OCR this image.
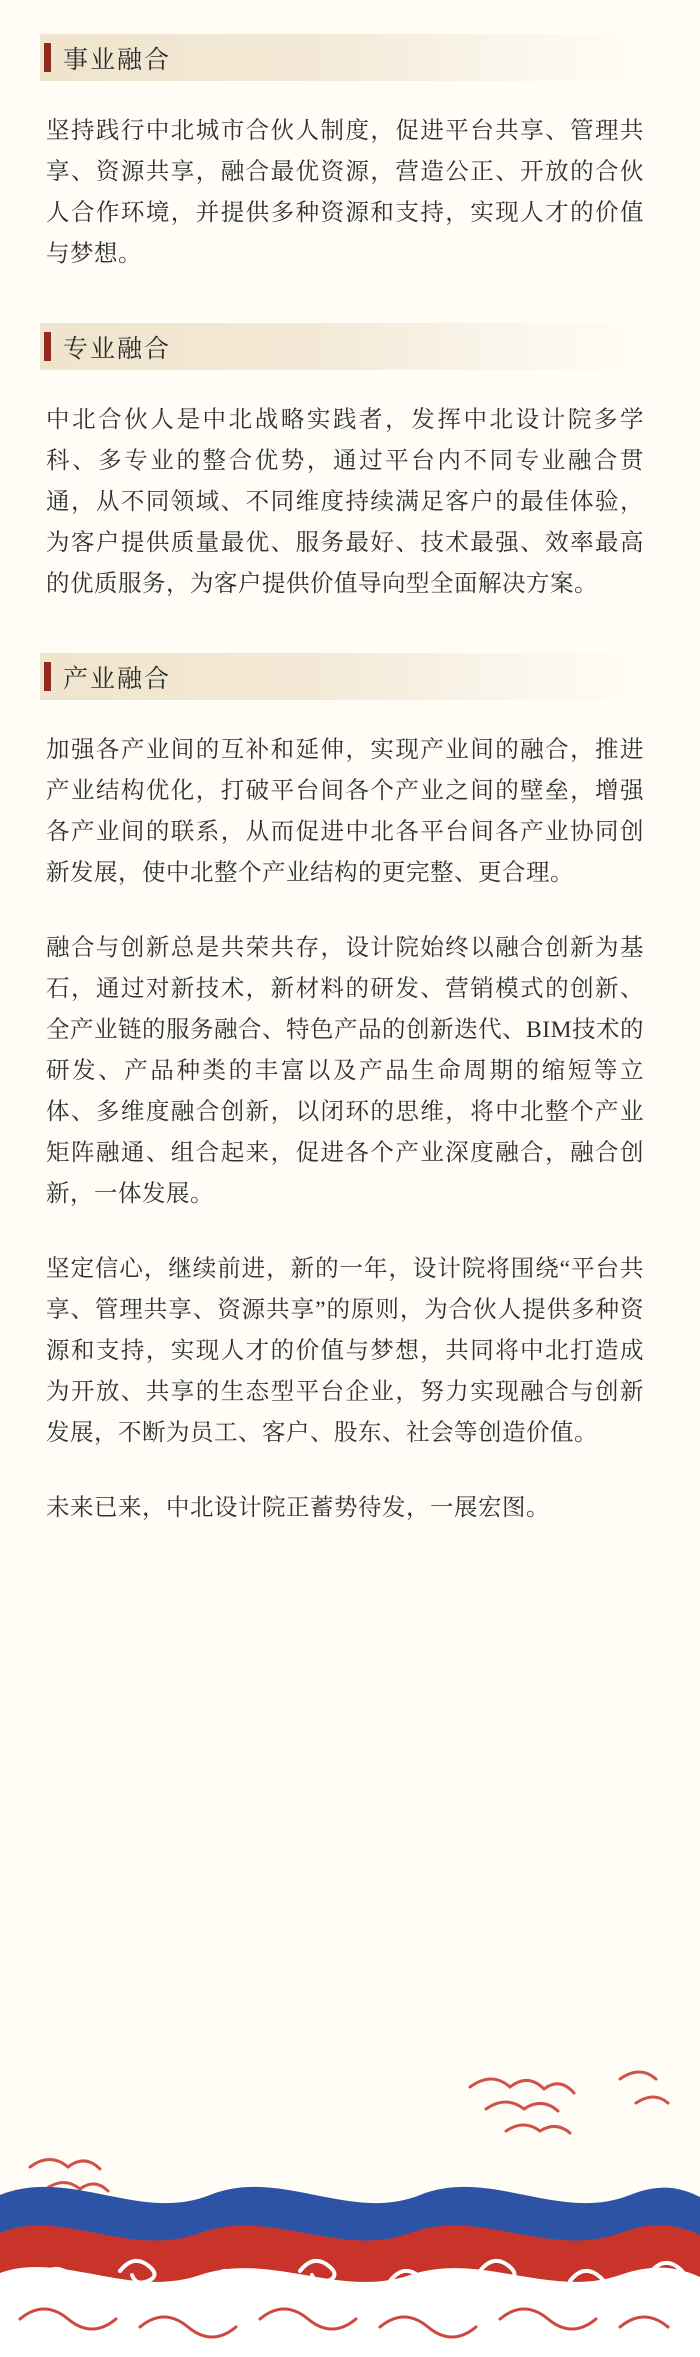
事业融合

坚持践行中北城市合伙人制度，促进平台共享、管理共享、资源共享，融合最优资源，营造公正、开放的合伙人合作环境，并提供多种资源和支持，实现人才的价值与梦想。

专业融合

中北合伙人是中北战略实践者，发挥中北设计院多学科、多专业的整合优势，通过平台内不同专业融合贯通，从不同领域、不同维度持续满足客户的最佳体验，为客户提供质量最优、服务最好、技术最强、效率最高的优质服务，为客户提供价值导向型全面解决方案。

产业融合

加强各产业间的互补和延伸，实现产业间的融合，推进产业结构优化，打破平台间各个产业之间的壁垒，增强各产业间的联系，从而促进中北各平台间各产业协同创新发展，使中北整个产业结构的更完整、更合理。

融合与创新总是共荣共存，设计院始终以融合创新为基石，通过对新技术，新材料的研发、营销模式的创新、全产业链的服务融合、特色产品的创新迭代、BIM技术的研发、产品种类的丰富以及产品生命周期的缩短等立体、多维度融合创新，以闭环的思维，将中北整个产业矩阵融通、组合起来，促进各个产业深度融合，融合创新，一体发展。

坚定信心，继续前进，新的一年，设计院将围绕“平台共享、管理共享、资源共享”的原则，为合伙人提供多种资源和支持，实现人才的价值与梦想，共同将中北打造成为开放、共享的生态型平台企业，努力实现融合与创新发展，不断为员工、客户、股东、社会等创造价值。

未来已来，中北设计院正蓄势待发，一展宏图。
